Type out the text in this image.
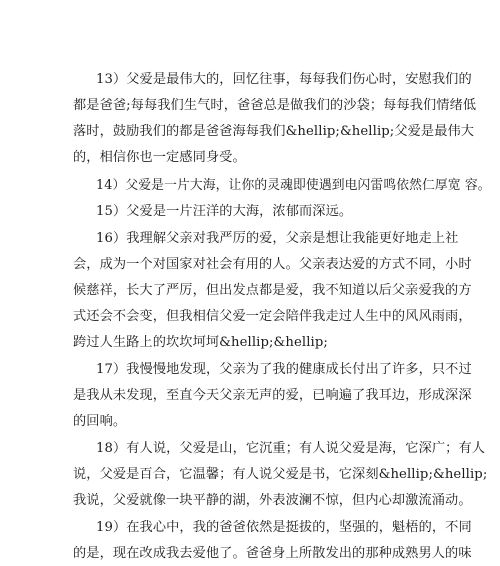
13）父爱是最伟大的，回忆往事，每每我们伤心时，安慰我们的
都是爸爸;每每我们生气时，爸爸总是做我们的沙袋；每每我们情绪低
落时，鼓励我们的都是爸爸海每我们&hellip;&hellip;父爱是最伟大
的，相信你也一定感同身受。
14）父爱是一片大海，让你的灵魂即使遇到电闪雷鸣依然仁厚宽 容。
15）父爱是一片汪洋的大海，浓郁而深远。
16）我理解父亲对我严厉的爱，父亲是想让我能更好地走上社
会，成为一个对国家对社会有用的人。父亲表达爱的方式不同，小时
候慈祥，长大了严厉，但出发点都是爱，我不知道以后父亲爱我的方
式还会不会变，但我相信父爱一定会陪伴我走过人生中的风风雨雨，
跨过人生路上的坎坎坷坷&hellip;&hellip;
17）我慢慢地发现，父亲为了我的健康成长付出了许多，只不过
是我从未发现，至直今天父亲无声的爱，已响遍了我耳边，形成深深
的回响。
18）有人说，父爱是山，它沉重；有人说父爱是海，它深广；有人
说，父爱是百合，它温馨；有人说父爱是书，它深刻&hellip;&hellip;
我说，父爱就像一块平静的湖，外表波澜不惊，但内心却激流涌动。
19）在我心中，我的爸爸依然是挺拔的，坚强的，魁梧的，不同
的是，现在改成我去爱他了。爸爸身上所散发出的那种成熟男人的味
